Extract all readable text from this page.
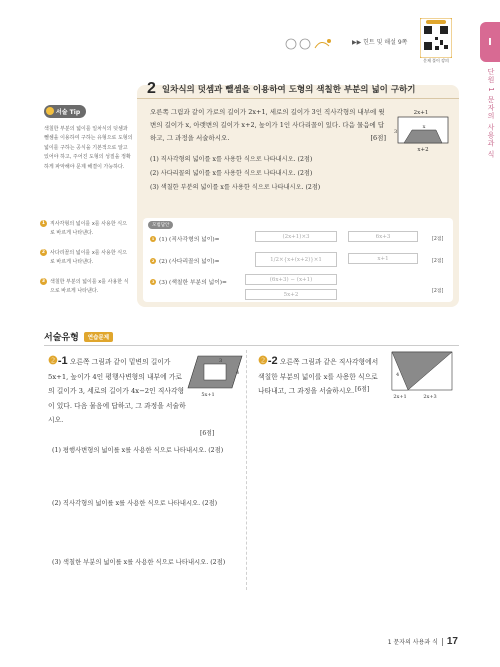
▶▶ 힌트 및 해설 9쪽
문제 풀이 강의
I
단원 1 문자의 사용과 식
서술 Tip
색칠한 부분의 넓이를 일차식의 덧셈과 뺄셈을 이용하여 구하는 유형으로 도형의 넓이를 구하는 공식을 기본적으로 알고 있어야 하고, 주어진 도형의 성질을 정확하게 파악해야 문제 해결이 가능하다.
1 직사각형의 넓이를 x를 사용한 식으로 바르게 나타낸다.
2 사다리꼴의 넓이를 x를 사용한 식으로 바르게 나타낸다.
3 색칠한 부분의 넓이를 x를 사용한 식으로 바르게 나타낸다.
2 일차식의 덧셈과 뺄셈을 이용하여 도형의 색칠한 부분의 넓이 구하기
오른쪽 그림과 같이 가로의 길이가 2x+1, 세로의 길이가 3인 직사각형의 내부에 윗변의 길이가 x, 아랫변의 길이가 x+2, 높이가 1인 사다리꼴이 있다. 다음 물음에 답하고, 그 과정을 서술하시오.	[6점]
2x+1
3
x
x+2
(1) 직사각형의 넓이를 x를 사용한 식으로 나타내시오. (2점)
(2) 사다리꼴의 넓이를 x를 사용한 식으로 나타내시오. (2점)
(3) 색칠한 부분의 넓이를 x를 사용한 식으로 나타내시오. (2점)
모범답안
1 (1) (직사각형의 넓이)=
(2x+1)×3	6x+3	[2점]
2 (2) (사다리꼴의 넓이)=	1/2×{x+(x+2)}×1	x+1	[2점]
3 (3) (색칠한 부분의 넓이)=
(6x+3) − (x+1)
5x+2	[2점]
서술유형	연습문제
❷-1 오른쪽 그림과 같이 밑변의 길이가 5x+1, 높이가 4인 평행사변형의 내부에 가로의 길이가 3, 세로의 길이가 4x−2인 직사각형이 있다. 다음 물음에 답하고, 그 과정을 서술하시오.
[6점]
3
4
5x+1
(1) 평행사변형의 넓이를 x를 사용한 식으로 나타내시오. (2점)
(2) 직사각형의 넓이를 x를 사용한 식으로 나타내시오. (2점)
(3) 색칠한 부분의 넓이를 x를 사용한 식으로 나타내시오. (2점)
❷-2 오른쪽 그림과 같은 직사각형에서 색칠한 부분의 넓이를 x를 사용한 식으로 나타내고, 그 과정을 서술하시오. [6점]
4
2x+1	2x+3
1 문자의 사용과 식 17
